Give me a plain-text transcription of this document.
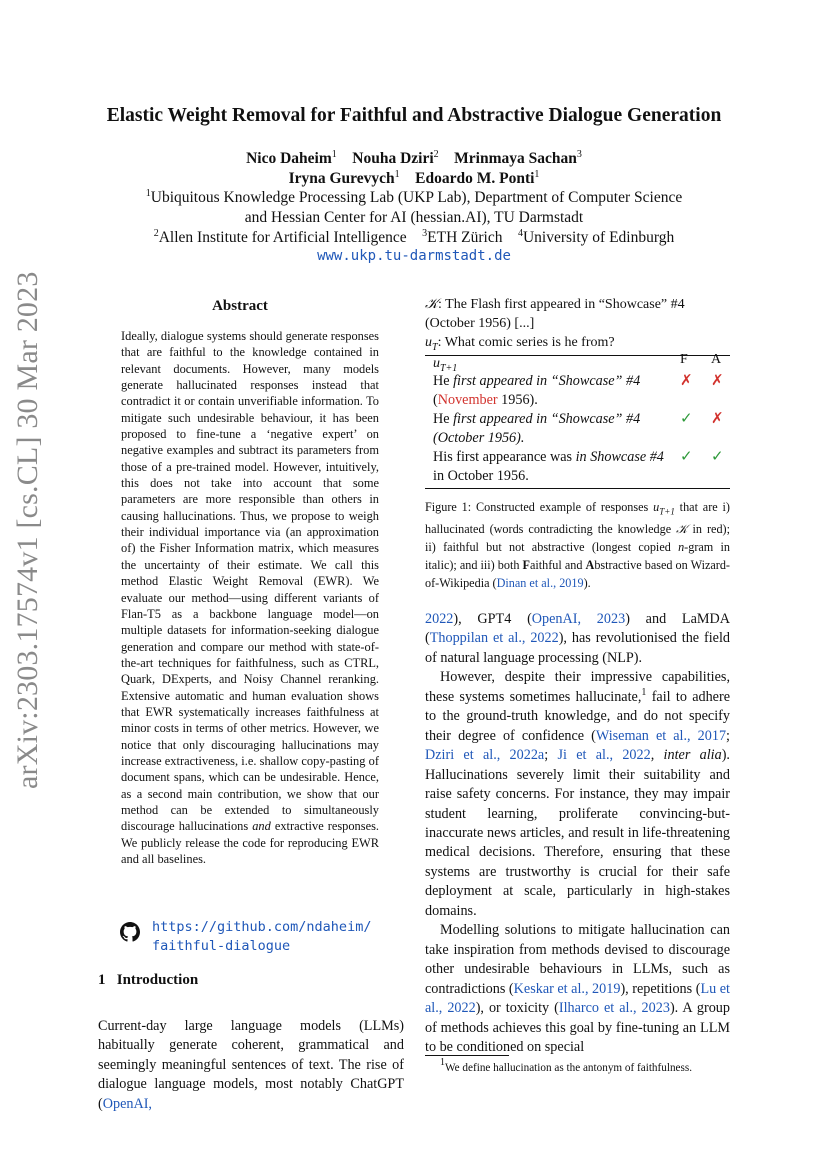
arXiv:2303.17574v1 [cs.CL] 30 Mar 2023
Elastic Weight Removal for Faithful and Abstractive Dialogue Generation
Nico Daheim$^1$ Nouha Dziri$^2$ Mrinmaya Sachan$^3$
Iryna Gurevych$^1$ Edoardo M. Ponti$^1$
$^1$Ubiquitous Knowledge Processing Lab (UKP Lab), Department of Computer Science
and Hessian Center for AI (hessian.AI), TU Darmstadt
$^2$Allen Institute for Artificial Intelligence $^3$ETH Zürich $^4$University of Edinburgh
www.ukp.tu-darmstadt.de
Abstract

Ideally, dialogue systems should generate responses that are faithful to the knowledge contained in relevant documents. However, many models generate hallucinated responses instead that contradict it or contain unverifiable information. To mitigate such undesirable behaviour, it has been proposed to fine-tune a ‘negative expert’ on negative examples and subtract its parameters from those of a pre-trained model. However, intuitively, this does not take into account that some parameters are more responsible than others in causing hallucinations. Thus, we propose to weigh their individual importance via (an approximation of) the Fisher Information matrix, which measures the uncertainty of their estimate. We call this method Elastic Weight Removal (EWR). We evaluate our method—using different variants of Flan-T5 as a backbone language model—on multiple datasets for information-seeking dialogue generation and compare our method with state-of-the-art techniques for faithfulness, such as CTRL, Quark, DExperts, and Noisy Channel reranking. Extensive automatic and human evaluation shows that EWR systematically increases faithfulness at minor costs in terms of other metrics. However, we notice that only discouraging hallucinations may increase extractiveness, i.e. shallow copy-pasting of document spans, which can be undesirable. Hence, as a second main contribution, we show that our method can be extended to simultaneously discourage hallucinations and extractive responses. We publicly release the code for reproducing EWR and all baselines.

https://github.com/ndaheim/
faithful-dialogue
1 Introduction

Current-day large language models (LLMs) habitually generate coherent, grammatical and seemingly meaningful sentences of text. The rise of dialogue language models, most notably ChatGPT (OpenAI,

𝒦: The Flash first appeared in “Showcase” #4 (October 1956) [...]
$u_T$: What comic series is he from?
$u_{T+1}$
F A
He first appeared in “Showcase” #4 (November 1956).
✗ ✗
He first appeared in “Showcase” #4 (October 1956).
✓ ✗
His first appearance was in Showcase #4 in October 1956.
✓ ✓
Figure 1: Constructed example of responses $u_{T+1}$ that are i) hallucinated (words contradicting the knowledge 𝒦 in red); ii) faithful but not abstractive (longest copied n-gram in italic); and iii) both Faithful and Abstractive based on Wizard-of-Wikipedia (Dinan et al., 2019).

2022), GPT4 (OpenAI, 2023) and LaMDA (Thoppilan et al., 2022), has revolutionised the field of natural language processing (NLP).

However, despite their impressive capabilities, these systems sometimes hallucinate,$^1$ fail to adhere to the ground-truth knowledge, and do not specify their degree of confidence (Wiseman et al., 2017; Dziri et al., 2022a; Ji et al., 2022, inter alia). Hallucinations severely limit their suitability and raise safety concerns. For instance, they may impair student learning, proliferate convincing-but-inaccurate news articles, and result in life-threatening medical decisions. Therefore, ensuring that these systems are trustworthy is crucial for their safe deployment at scale, particularly in high-stakes domains.

Modelling solutions to mitigate hallucination can take inspiration from methods devised to discourage other undesirable behaviours in LLMs, such as contradictions (Keskar et al., 2019), repetitions (Lu et al., 2022), or toxicity (Ilharco et al., 2023). A group of methods achieves this goal by fine-tuning an LLM to be conditioned on special

$^1$We define hallucination as the antonym of faithfulness.
